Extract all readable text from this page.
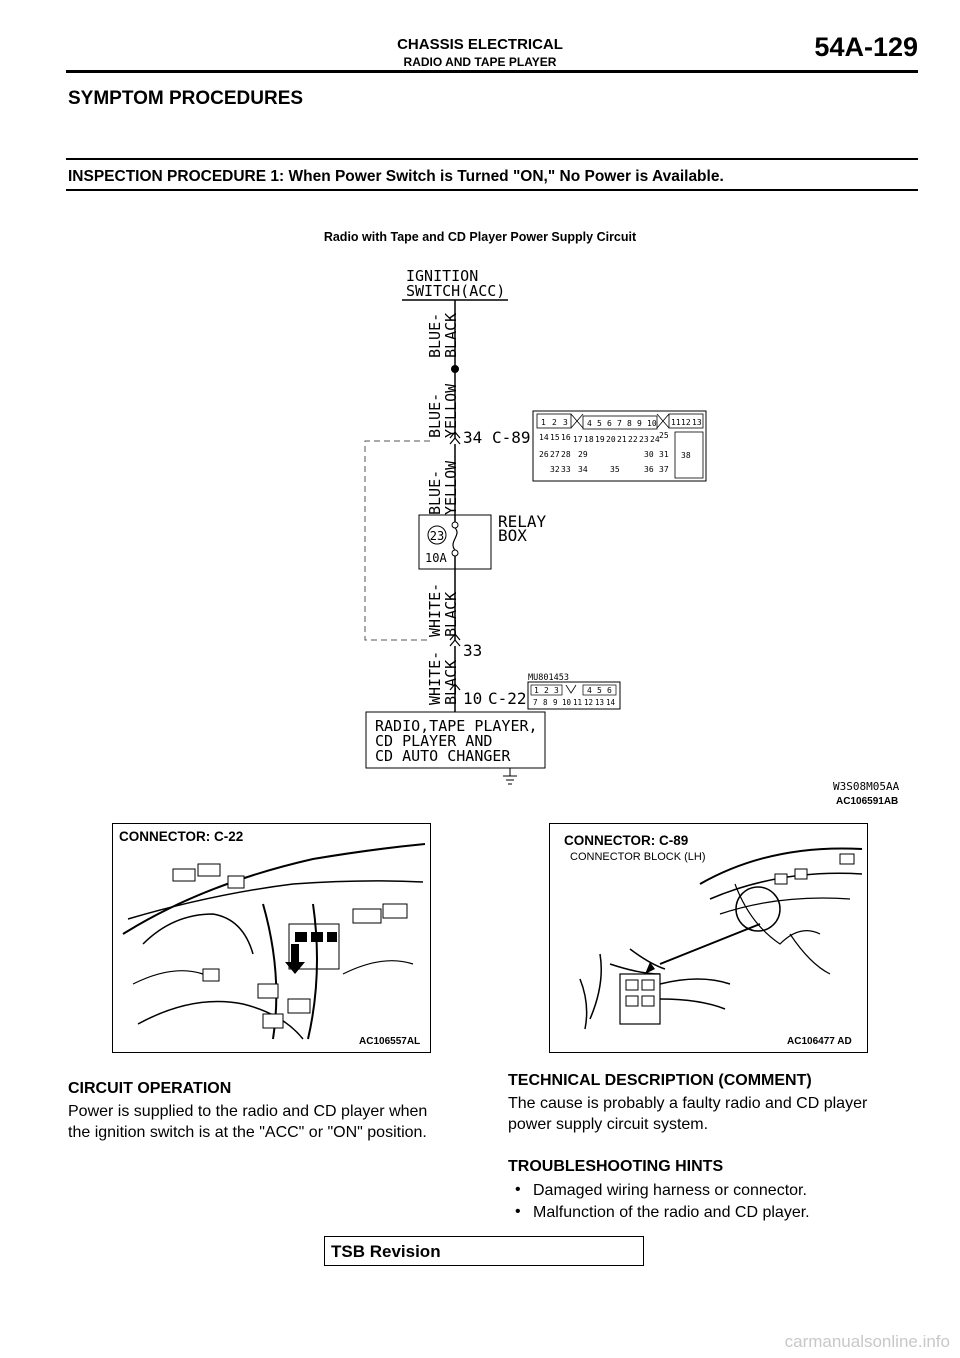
CHASSIS ELECTRICAL
RADIO AND TAPE PLAYER	54A-129
SYMPTOM PROCEDURES
INSPECTION PROCEDURE 1: When Power Switch is Turned "ON," No Power is Available.
Radio with Tape and CD Player Power Supply Circuit
IGNITION
SWITCH(ACC)
BLUE-
BLACK
BLUE-
YELLOW
BLUE-
YELLOW
WHITE-
BLACK
WHITE-
BLACK
34 C-89
33
10 C-22
RELAY
BOX
23
10A
1 2 3 4 5 6 7 8 9 10 11 12 13
14 15 16 17 18 19 20 21 22 23 24 25
26 27 28 29	30 31 38
32 33 34	35	36 37
MU801453
1 2 3	4 5 6
7 8 9 10 11 12 13 14
RADIO,TAPE PLAYER,
CD PLAYER AND
CD AUTO CHANGER
W3S08M05AA
AC106591AB
CONNECTOR: C-22
AC106557AL
CONNECTOR: C-89
CONNECTOR BLOCK (LH)
AC106477 AD
CIRCUIT OPERATION
Power is supplied to the radio and CD player when
the ignition switch is at the "ACC" or "ON" position.
TECHNICAL DESCRIPTION (COMMENT)
The cause is probably a faulty radio and CD player
power supply circuit system.
TROUBLESHOOTING HINTS
• Damaged wiring harness or connector.
• Malfunction of the radio and CD player.
TSB Revision
carmanualsonline.info
